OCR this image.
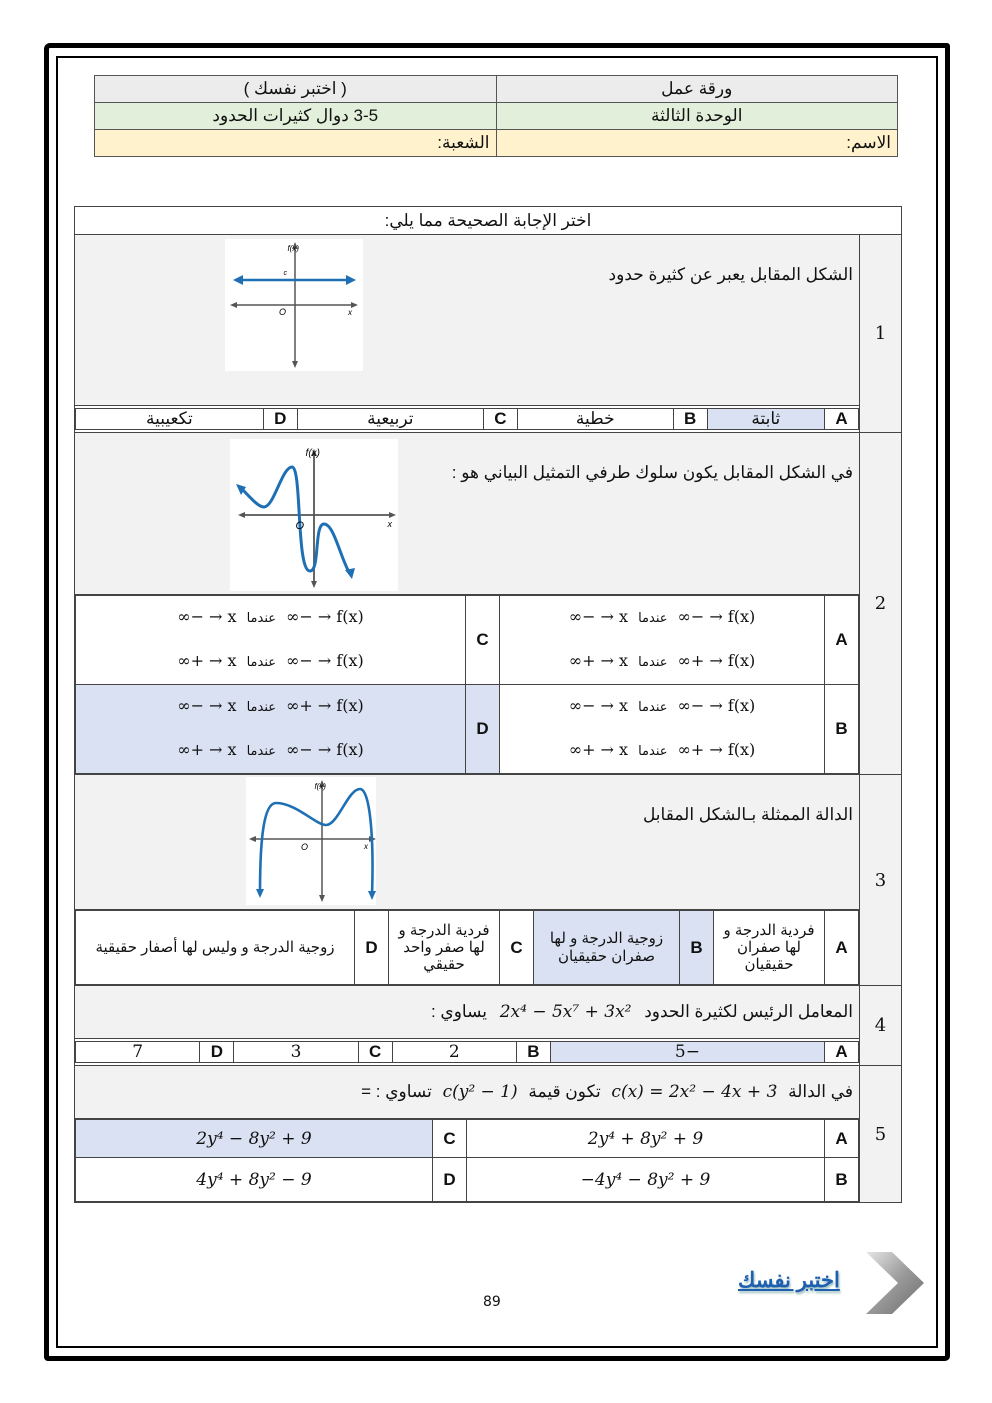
ورقة عمل	( اختبر نفسك )
الوحدة الثالثة	3-5 دوال كثيرات الحدود
الاسم:	الشعبة:
اختر الإجابة الصحيحة مما يلي:
1	
الشكل المقابل يعبر عن كثيرة حدود
f(x)
c
O	x

A	ثابتة	B	خطية	C	تربيعية	D	تكعيبية

2	
في الشكل المقابل يكون سلوك طرفي التمثيل البياني هو :
f(x)
O	x

A	
f(x) → −∞عندماx → −∞
f(x) → +∞عندماx → +∞
	C	
f(x) → −∞عندماx → −∞
f(x) → −∞عندماx → +∞

B	
f(x) → −∞عندماx → −∞
f(x) → +∞عندماx → +∞
	D	
f(x) → +∞عندماx → −∞
f(x) → −∞عندماx → +∞

3	
الدالة الممثلة بـالشكل المقابل
f(x)
O	x

A	فردية الدرجة و لها صفران حقيقيان	B	زوجية الدرجة و لها صفران حقيقيان	C	فردية الدرجة و لها صفر واحد حقيقي	D	زوجية الدرجة و وليس لها أصفار حقيقية

4	
المعامل الرئيس لكثيرة الحدود 2x⁴ − 5x⁷ + 3x² يساوي :

A	−5	B	2	C	3	D	7

5	
في الدالة c(x) = 2x² − 4x + 3 تكون قيمة c(y² − 1) تساوي : =

A	2y⁴ + 8y² + 9	C	2y⁴ − 8y² + 9
B	−4y⁴ − 8y² + 9	D	4y⁴ + 8y² − 9
اختبر نفسك
89
